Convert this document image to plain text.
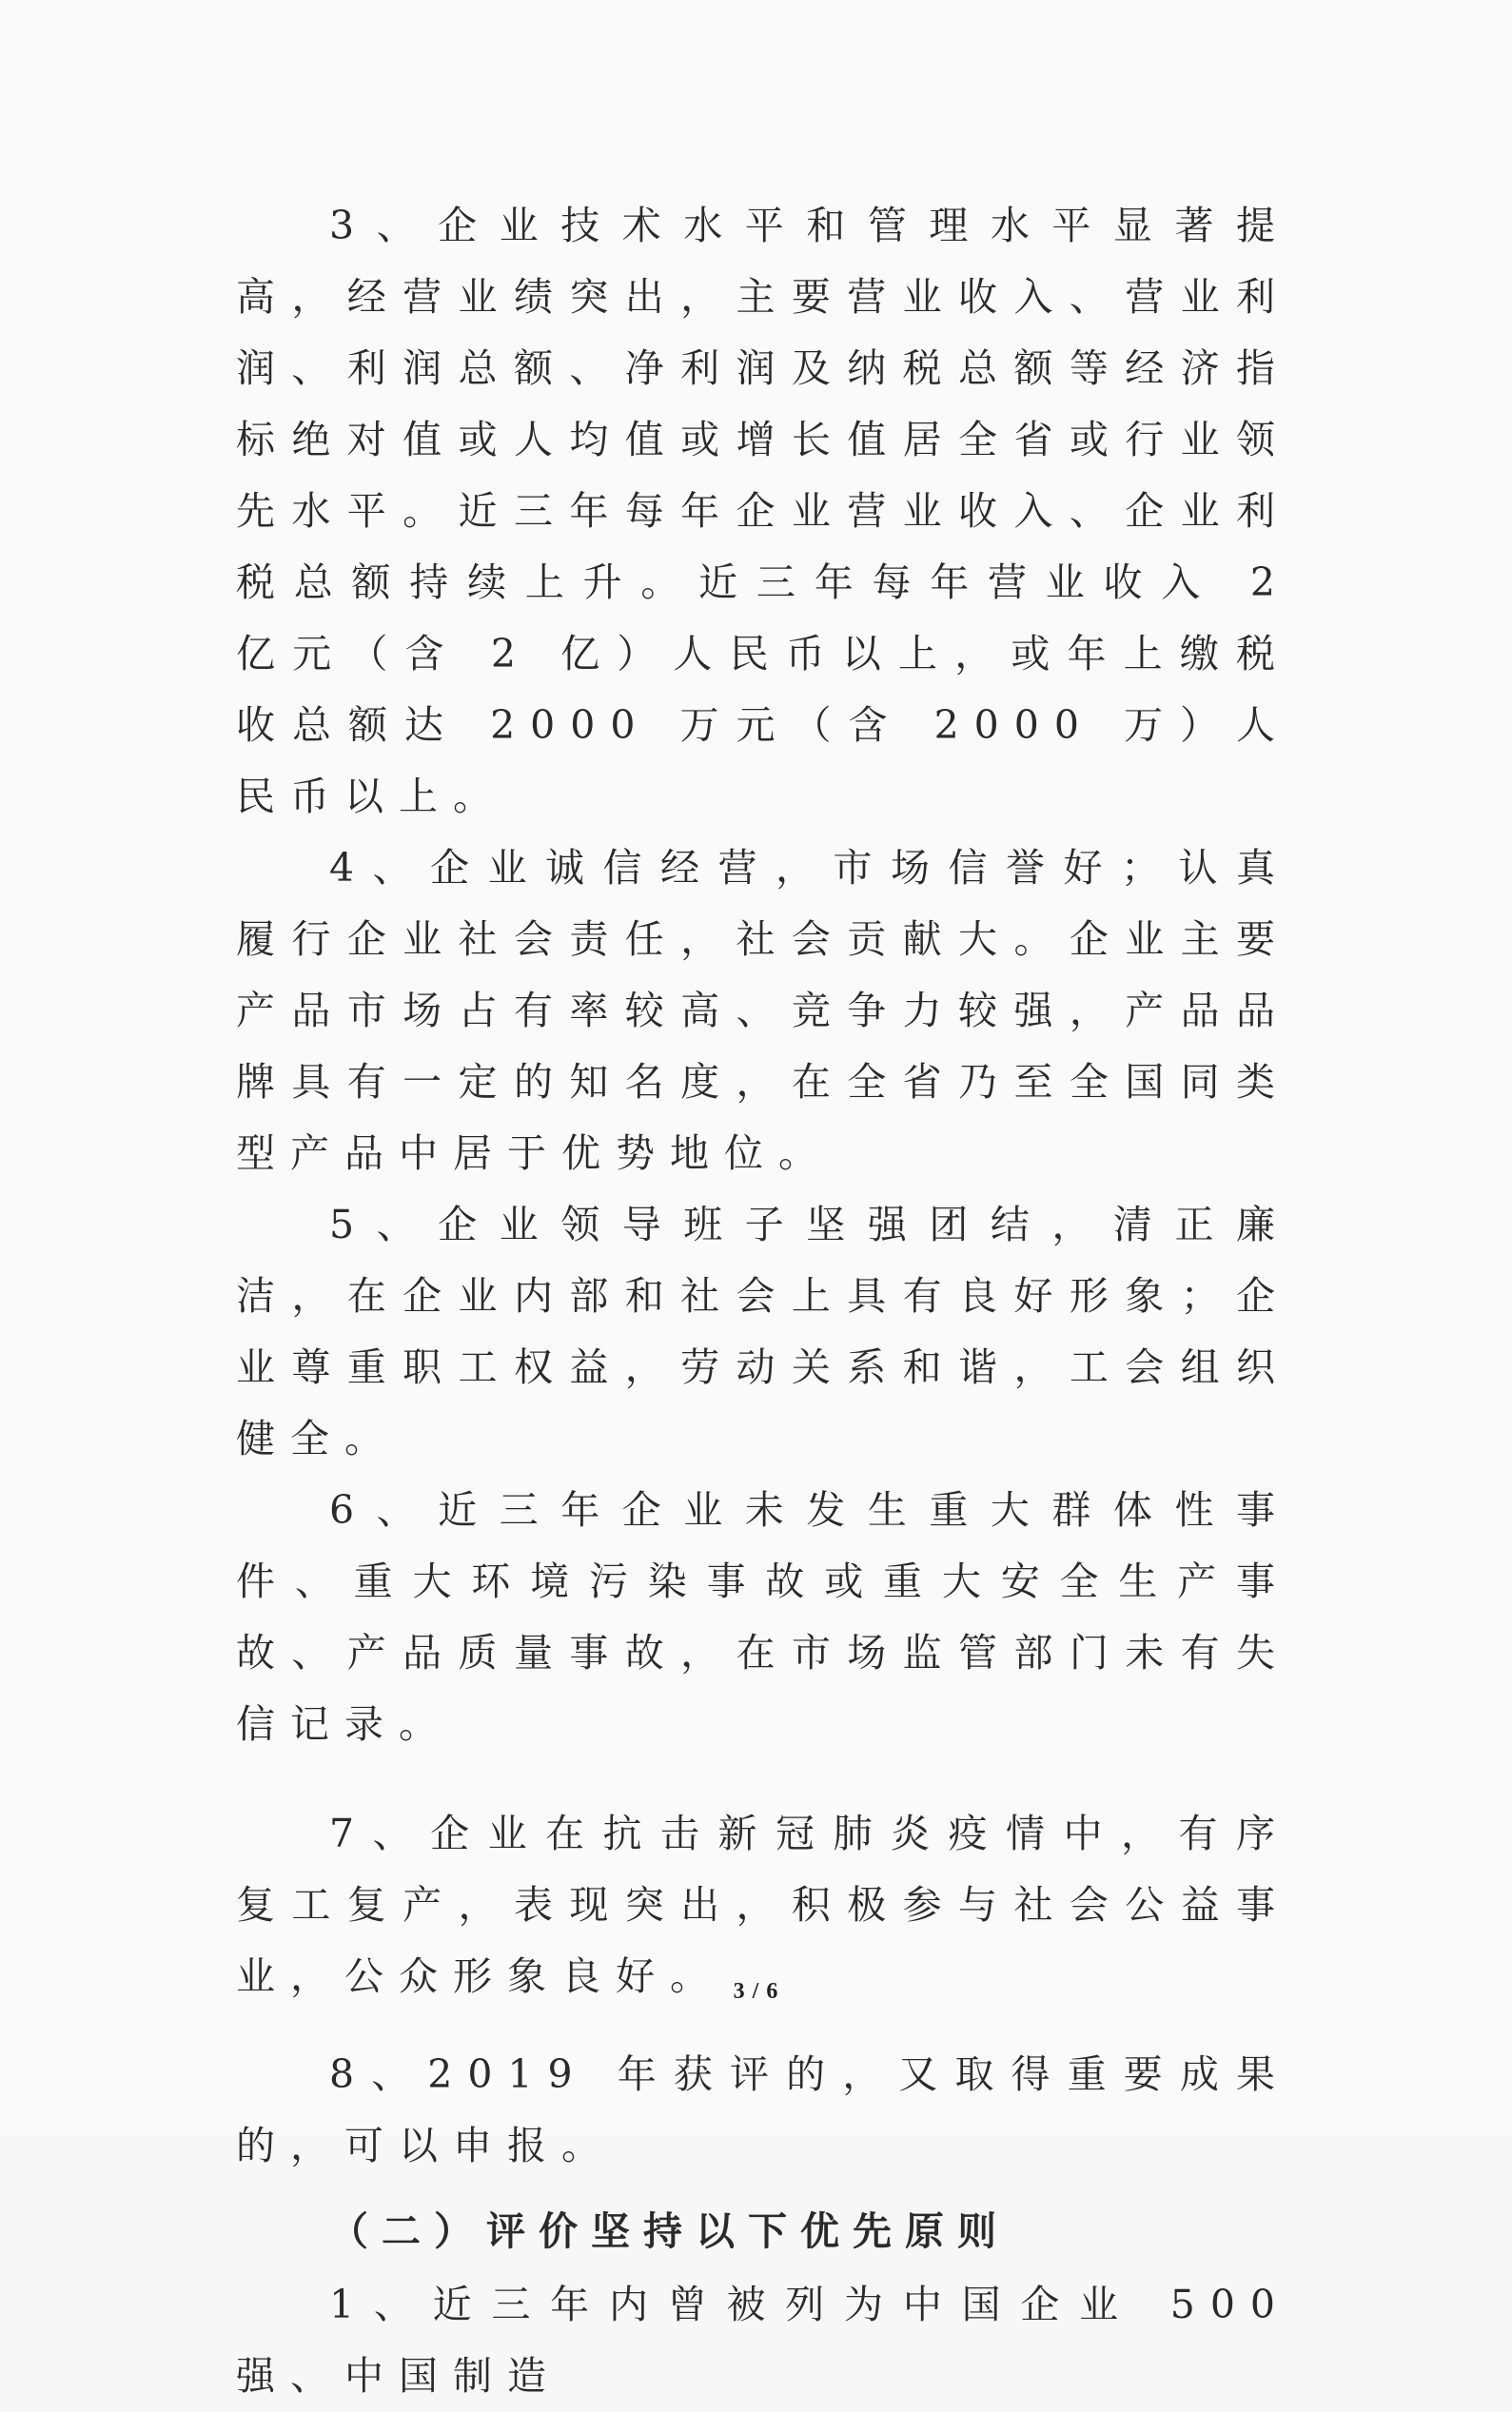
3、企业技术水平和管理水平显著提高，经营业绩突出，主要营业收入、营业利润、利润总额、净利润及纳税总额等经济指标绝对值或人均值或增长值居全省或行业领先水平。近三年每年企业营业收入、企业利税总额持续上升。近三年每年营业收入 2 亿元（含 2 亿）人民币以上，或年上缴税收总额达 2000 万元（含 2000 万）人民币以上。

4、企业诚信经营，市场信誉好；认真履行企业社会责任，社会贡献大。企业主要产品市场占有率较高、竞争力较强，产品品牌具有一定的知名度，在全省乃至全国同类型产品中居于优势地位。

5、企业领导班子坚强团结，清正廉洁，在企业内部和社会上具有良好形象；企业尊重职工权益，劳动关系和谐，工会组织健全。

6、近三年企业未发生重大群体性事件、重大环境污染事故或重大安全生产事故、产品质量事故，在市场监管部门未有失信记录。

7、企业在抗击新冠肺炎疫情中，有序复工复产，表现突出，积极参与社会公益事业，公众形象良好。

8、2019 年获评的，又取得重要成果的，可以申报。

（二）评价坚持以下优先原则

1、近三年内曾被列为中国企业 500 强、中国制造

3 / 6
